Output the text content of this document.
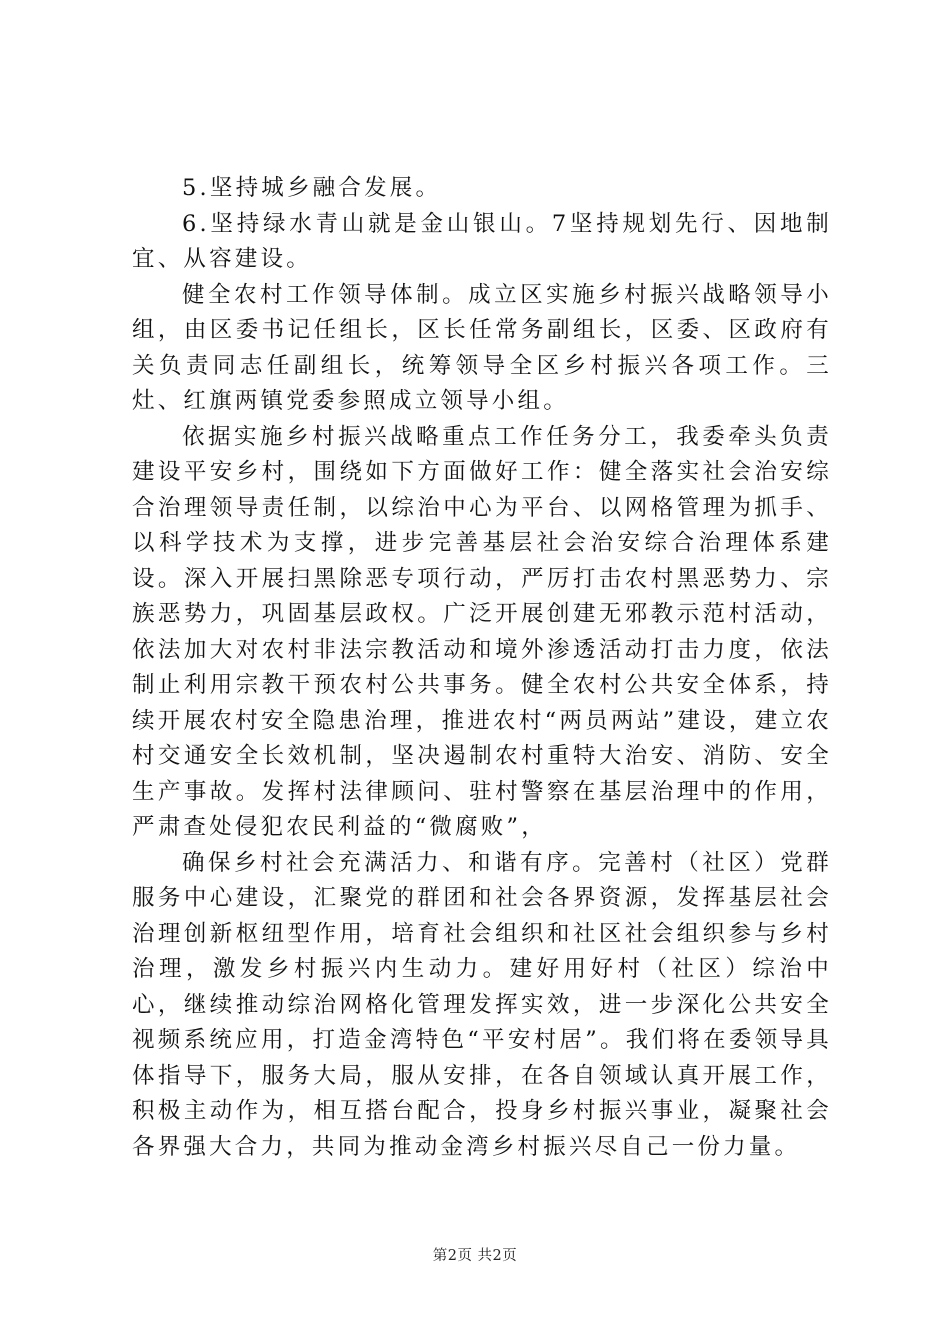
5.坚持城乡融合发展。

6.坚持绿水青山就是金山银山。7坚持规划先行、因地制宜、从容建设。

健全农村工作领导体制。成立区实施乡村振兴战略领导小组，由区委书记任组长，区长任常务副组长，区委、区政府有关负责同志任副组长，统筹领导全区乡村振兴各项工作。三灶、红旗两镇党委参照成立领导小组。

依据实施乡村振兴战略重点工作任务分工，我委牵头负责建设平安乡村，围绕如下方面做好工作：健全落实社会治安综合治理领导责任制，以综治中心为平台、以网格管理为抓手、以科学技术为支撑，进步完善基层社会治安综合治理体系建设。深入开展扫黑除恶专项行动，严厉打击农村黑恶势力、宗族恶势力，巩固基层政权。广泛开展创建无邪教示范村活动，依法加大对农村非法宗教活动和境外渗透活动打击力度，依法制止利用宗教干预农村公共事务。健全农村公共安全体系，持续开展农村安全隐患治理，推进农村“两员两站”建设，建立农村交通安全长效机制，坚决遏制农村重特大治安、消防、安全生产事故。发挥村法律顾问、驻村警察在基层治理中的作用，严肃查处侵犯农民利益的“微腐败”，

确保乡村社会充满活力、和谐有序。完善村（社区）党群服务中心建设，汇聚党的群团和社会各界资源，发挥基层社会治理创新枢纽型作用，培育社会组织和社区社会组织参与乡村治理，激发乡村振兴内生动力。建好用好村（社区）综治中心，继续推动综治网格化管理发挥实效，进一步深化公共安全视频系统应用，打造金湾特色“平安村居”。我们将在委领导具体指导下，服务大局，服从安排，在各自领域认真开展工作，积极主动作为，相互搭台配合，投身乡村振兴事业，凝聚社会各界强大合力，共同为推动金湾乡村振兴尽自己一份力量。

第2页 共2页
